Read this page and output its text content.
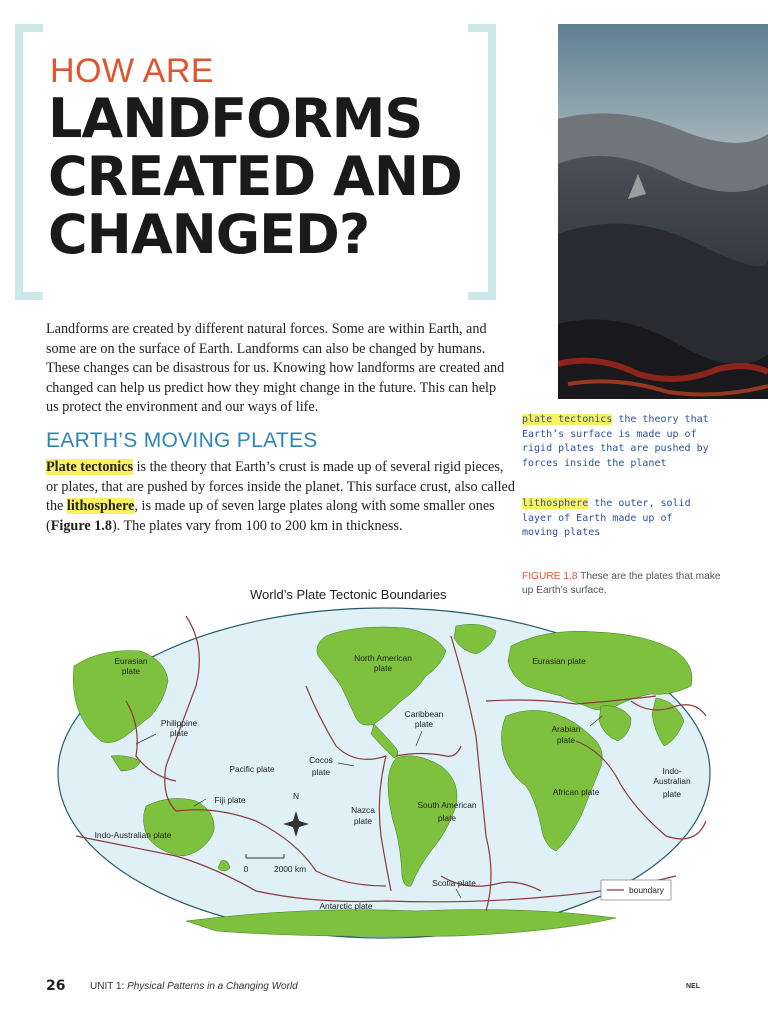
HOW ARE
LANDFORMS CREATED AND CHANGED?
Landforms are created by different natural forces. Some are within Earth, and some are on the surface of Earth. Landforms can also be changed by humans. These changes can be disastrous for us. Knowing how landforms are created and changed can help us predict how they might change in the future. This can help us protect the environment and our ways of life.
EARTH’S MOVING PLATES
Plate tectonics is the theory that Earth’s crust is made up of several rigid pieces, or plates, that are pushed by forces inside the planet. This surface crust, also called the lithosphere, is made up of seven large plates along with some smaller ones (Figure 1.8). The plates vary from 100 to 200 km in thickness.
plate tectonics the theory that Earth’s surface is made up of rigid plates that are pushed by forces inside the planet
lithosphere the outer, solid layer of Earth made up of moving plates
FIGURE 1.8 These are the plates that make up Earth’s surface.
World’s Plate Tectonic Boundaries
Eurasian
plate
Philippine
plate
North American
plate
Eurasian plate
Caribbean
plate	Arabian
plate
Pacific plate
Cocos
plate	Indo-
Australian
plate
Fiji plate
African plate
Nazca
plate
South American
plate
Indo-Australian plate
Scotia plate
Antarctic plate
N
0	2000 km
boundary
26 UNIT 1: Physical Patterns in a Changing World	NEL
